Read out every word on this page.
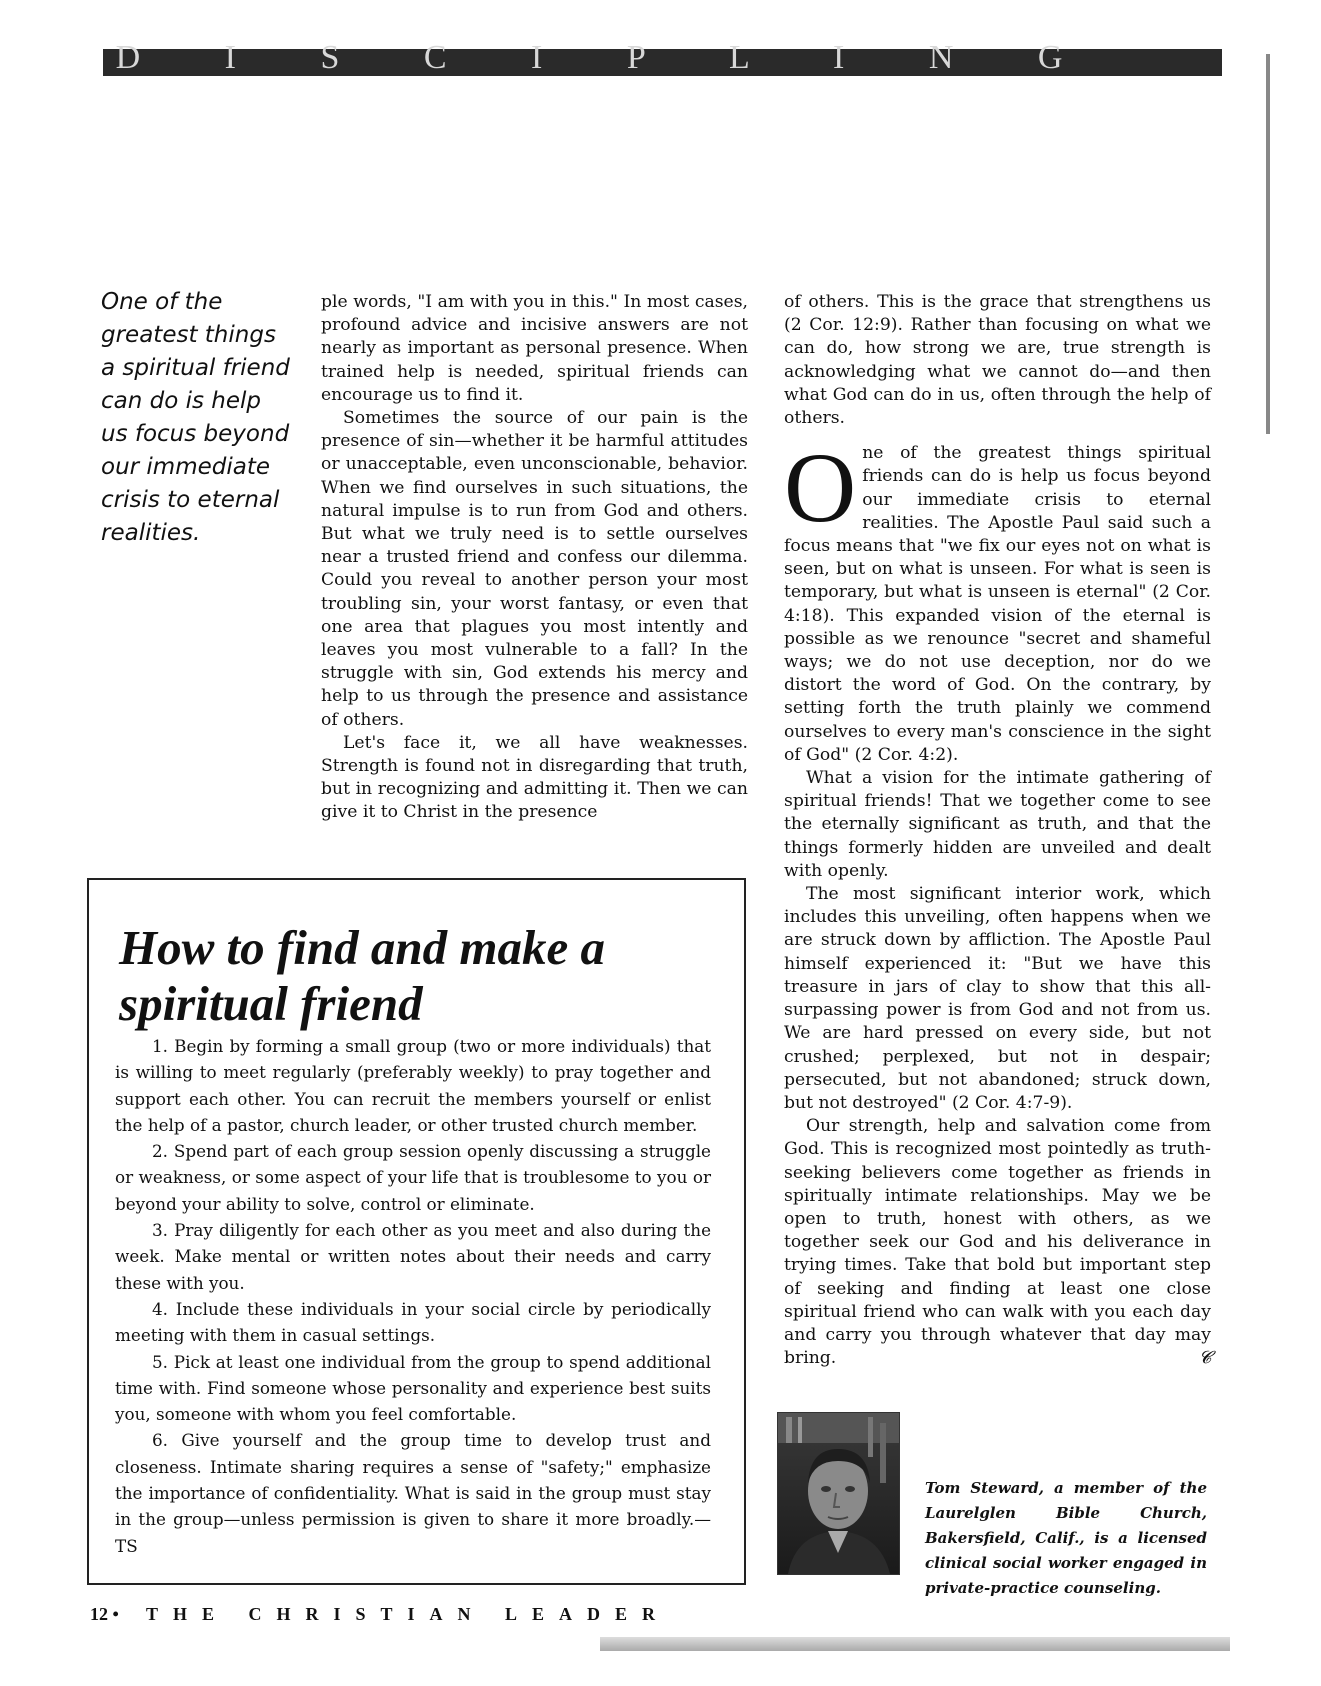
D I S C I P L I N G
One of the greatest things a spiritual friend can do is help us focus beyond our immediate crisis to eternal realities.

ple words, "I am with you in this." In most cases, profound advice and incisive answers are not nearly as important as personal presence. When trained help is needed, spiritual friends can encourage us to find it.

Sometimes the source of our pain is the presence of sin—whether it be harmful attitudes or unacceptable, even unconscionable, behavior. When we find ourselves in such situations, the natural impulse is to run from God and others. But what we truly need is to settle ourselves near a trusted friend and confess our dilemma. Could you reveal to another person your most troubling sin, your worst fantasy, or even that one area that plagues you most intently and leaves you most vulnerable to a fall? In the struggle with sin, God extends his mercy and help to us through the presence and assistance of others.

Let's face it, we all have weaknesses. Strength is found not in disregarding that truth, but in recognizing and admitting it. Then we can give it to Christ in the presence

of others. This is the grace that strengthens us (2 Cor. 12:9). Rather than focusing on what we can do, how strong we are, true strength is acknowledging what we cannot do—and then what God can do in us, often through the help of others.

One of the greatest things spiritual friends can do is help us focus beyond our immediate crisis to eternal realities. The Apostle Paul said such a focus means that "we fix our eyes not on what is seen, but on what is unseen. For what is seen is temporary, but what is unseen is eternal" (2 Cor. 4:18). This expanded vision of the eternal is possible as we renounce "secret and shameful ways; we do not use deception, nor do we distort the word of God. On the contrary, by setting forth the truth plainly we commend ourselves to every man's conscience in the sight of God" (2 Cor. 4:2).

What a vision for the intimate gathering of spiritual friends! That we together come to see the eternally significant as truth, and that the things formerly hidden are unveiled and dealt with openly.

The most significant interior work, which includes this unveiling, often happens when we are struck down by affliction. The Apostle Paul himself experienced it: "But we have this treasure in jars of clay to show that this all-surpassing power is from God and not from us. We are hard pressed on every side, but not crushed; perplexed, but not in despair; persecuted, but not abandoned; struck down, but not destroyed" (2 Cor. 4:7-9).

Our strength, help and salvation come from God. This is recognized most pointedly as truth-seeking believers come together as friends in spiritually intimate relationships. May we be open to truth, honest with others, as we together seek our God and his deliverance in trying times. Take that bold but important step of seeking and finding at least one close spiritual friend who can walk with you each day and carry you through whatever that day may bring.	𝓒

How to find and make a spiritual friend

1. Begin by forming a small group (two or more individuals) that is willing to meet regularly (preferably weekly) to pray together and support each other. You can recruit the members yourself or enlist the help of a pastor, church leader, or other trusted church member.

2. Spend part of each group session openly discussing a struggle or weakness, or some aspect of your life that is troublesome to you or beyond your ability to solve, control or eliminate.

3. Pray diligently for each other as you meet and also during the week. Make mental or written notes about their needs and carry these with you.

4. Include these individuals in your social circle by periodically meeting with them in casual settings.

5. Pick at least one individual from the group to spend additional time with. Find someone whose personality and experience best suits you, someone with whom you feel comfortable.

6. Give yourself and the group time to develop trust and closeness. Intimate sharing requires a sense of "safety;" emphasize the importance of confidentiality. What is said in the group must stay in the group—unless permission is given to share it more broadly.—TS

Tom Steward, a member of the Laurelglen Bible Church, Bakersfield, Calif., is a licensed clinical social worker engaged in private-practice counseling.
12 • THE CHRISTIAN LEADER
